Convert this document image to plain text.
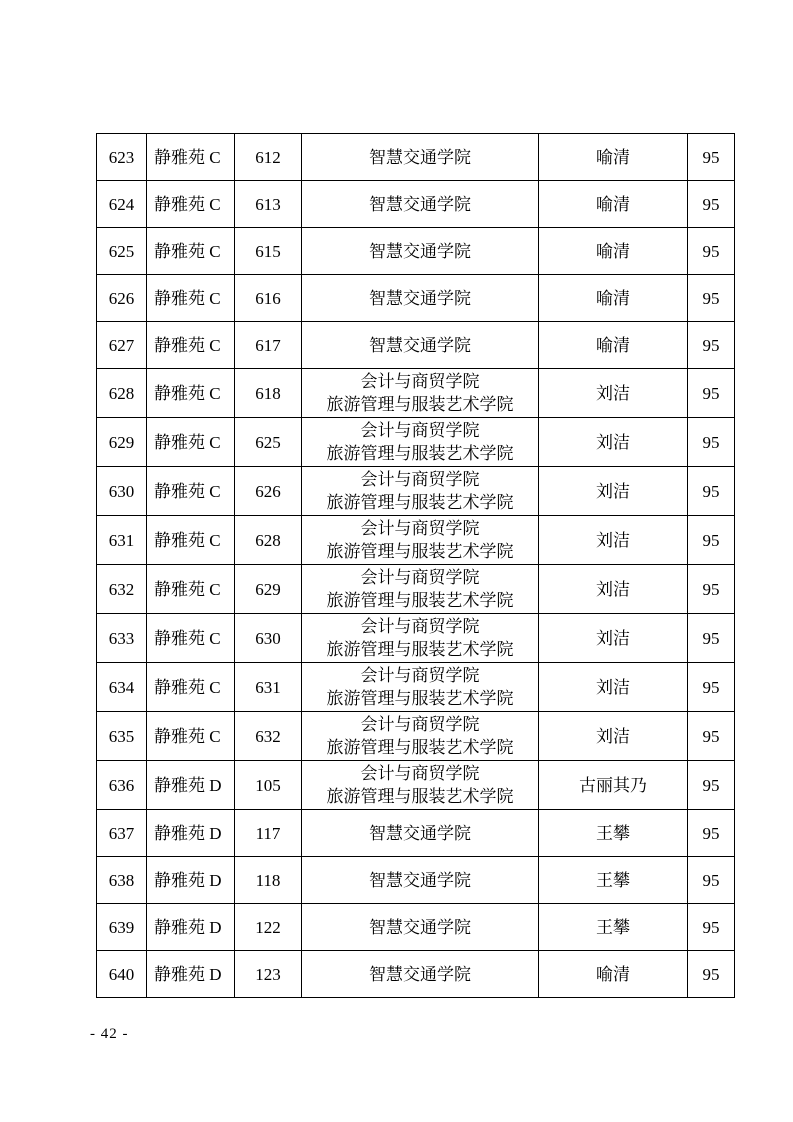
623	静雅苑 C	612	智慧交通学院	喻清	95
624	静雅苑 C	613	智慧交通学院	喻清	95
625	静雅苑 C	615	智慧交通学院	喻清	95
626	静雅苑 C	616	智慧交通学院	喻清	95
627	静雅苑 C	617	智慧交通学院	喻清	95
628	静雅苑 C	618	会计与商贸学院
旅游管理与服装艺术学院	刘洁	95
629	静雅苑 C	625	会计与商贸学院
旅游管理与服装艺术学院	刘洁	95
630	静雅苑 C	626	会计与商贸学院
旅游管理与服装艺术学院	刘洁	95
631	静雅苑 C	628	会计与商贸学院
旅游管理与服装艺术学院	刘洁	95
632	静雅苑 C	629	会计与商贸学院
旅游管理与服装艺术学院	刘洁	95
633	静雅苑 C	630	会计与商贸学院
旅游管理与服装艺术学院	刘洁	95
634	静雅苑 C	631	会计与商贸学院
旅游管理与服装艺术学院	刘洁	95
635	静雅苑 C	632	会计与商贸学院
旅游管理与服装艺术学院	刘洁	95
636	静雅苑 D	105	会计与商贸学院
旅游管理与服装艺术学院	古丽其乃	95
637	静雅苑 D	117	智慧交通学院	王攀	95
638	静雅苑 D	118	智慧交通学院	王攀	95
639	静雅苑 D	122	智慧交通学院	王攀	95
640	静雅苑 D	123	智慧交通学院	喻清	95
- 42 -
